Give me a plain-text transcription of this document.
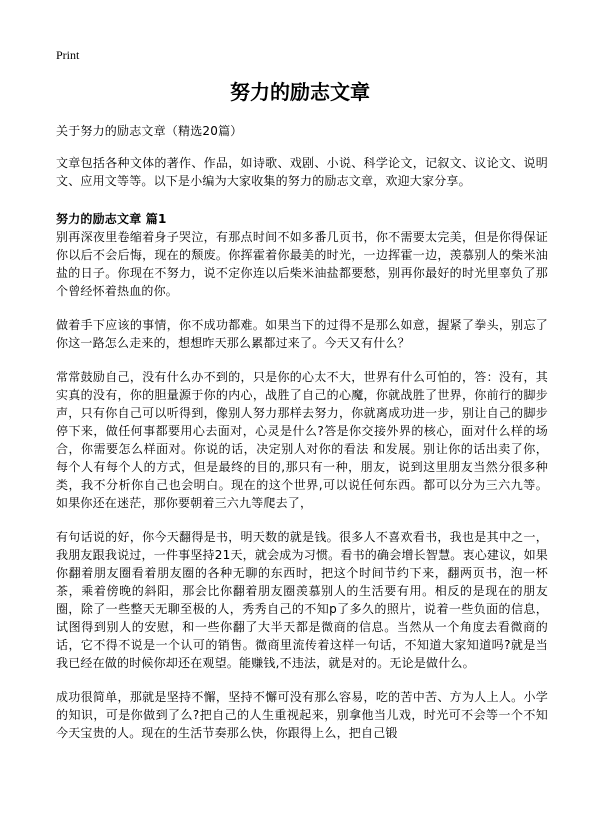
Print
努力的励志文章

关于努力的励志文章（精选20篇）

文章包括各种文体的著作、作品，如诗歌、戏剧、小说、科学论文，记叙文、议论文、说明文、应用文等等。以下是小编为大家收集的努力的励志文章，欢迎大家分享。

努力的励志文章 篇1

别再深夜里卷缩着身子哭泣，有那点时间不如多番几页书，你不需要太完美，但是你得保证你以后不会后悔，现在的颓废。你挥霍着你最美的时光，一边挥霍一边，羡慕别人的柴米油盐的日子。你现在不努力，说不定你连以后柴米油盐都要愁，别再你最好的时光里辜负了那个曾经怀着热血的你。

做着手下应该的事情，你不成功都难。如果当下的过得不是那么如意，握紧了拳头，别忘了你这一路怎么走来的，想想昨天那么累都过来了。今天又有什么？

常常鼓励自己，没有什么办不到的，只是你的心太不大，世界有什么可怕的，答：没有，其实真的没有，你的胆量源于你的内心，战胜了自己的心魔，你就战胜了世界，你前行的脚步声，只有你自己可以听得到，像别人努力那样去努力，你就离成功进一步，别让自己的脚步停下来，做任何事都要用心去面对，心灵是什么?答是你交接外界的核心，面对什么样的场合，你需要怎么样面对。你说的话，决定别人对你的看法 和发展。别让你的话出卖了你，每个人有每个人的方式，但是最终的目的,那只有一种，朋友，说到这里朋友当然分很多种类，我不分析你自己也会明白。现在的这个世界,可以说任何东西。都可以分为三六九等。如果你还在迷茫，那你要朝着三六九等爬去了，

有句话说的好，你今天翻得是书，明天数的就是钱。很多人不喜欢看书，我也是其中之一，我朋友跟我说过，一件事坚持21天，就会成为习惯。看书的确会增长智慧。衷心建议，如果你翻着朋友圈看着朋友圈的各种无聊的东西时，把这个时间节约下来，翻两页书，泡一杯茶，乘着傍晚的斜阳，那会比你翻着朋友圈羡慕别人的生活要有用。相反的是现在的朋友圈，除了一些整天无聊至极的人，秀秀自己的不知p了多久的照片，说着一些负面的信息，试图得到别人的安慰，和一些你翻了大半天都是微商的信息。当然从一个角度去看微商的话，它不得不说是一个认可的销售。微商里流传着这样一句话，不知道大家知道吗?就是当我已经在做的时候你却还在观望。能赚钱,不违法，就是对的。无论是做什么。

成功很简单，那就是坚持不懈，坚持不懈可没有那么容易，吃的苦中苦、方为人上人。小学的知识，可是你做到了么?把自己的人生重视起来，别拿他当儿戏，时光可不会等一个不知今天宝贵的人。现在的生活节奏那么快，你跟得上么，把自己锻
